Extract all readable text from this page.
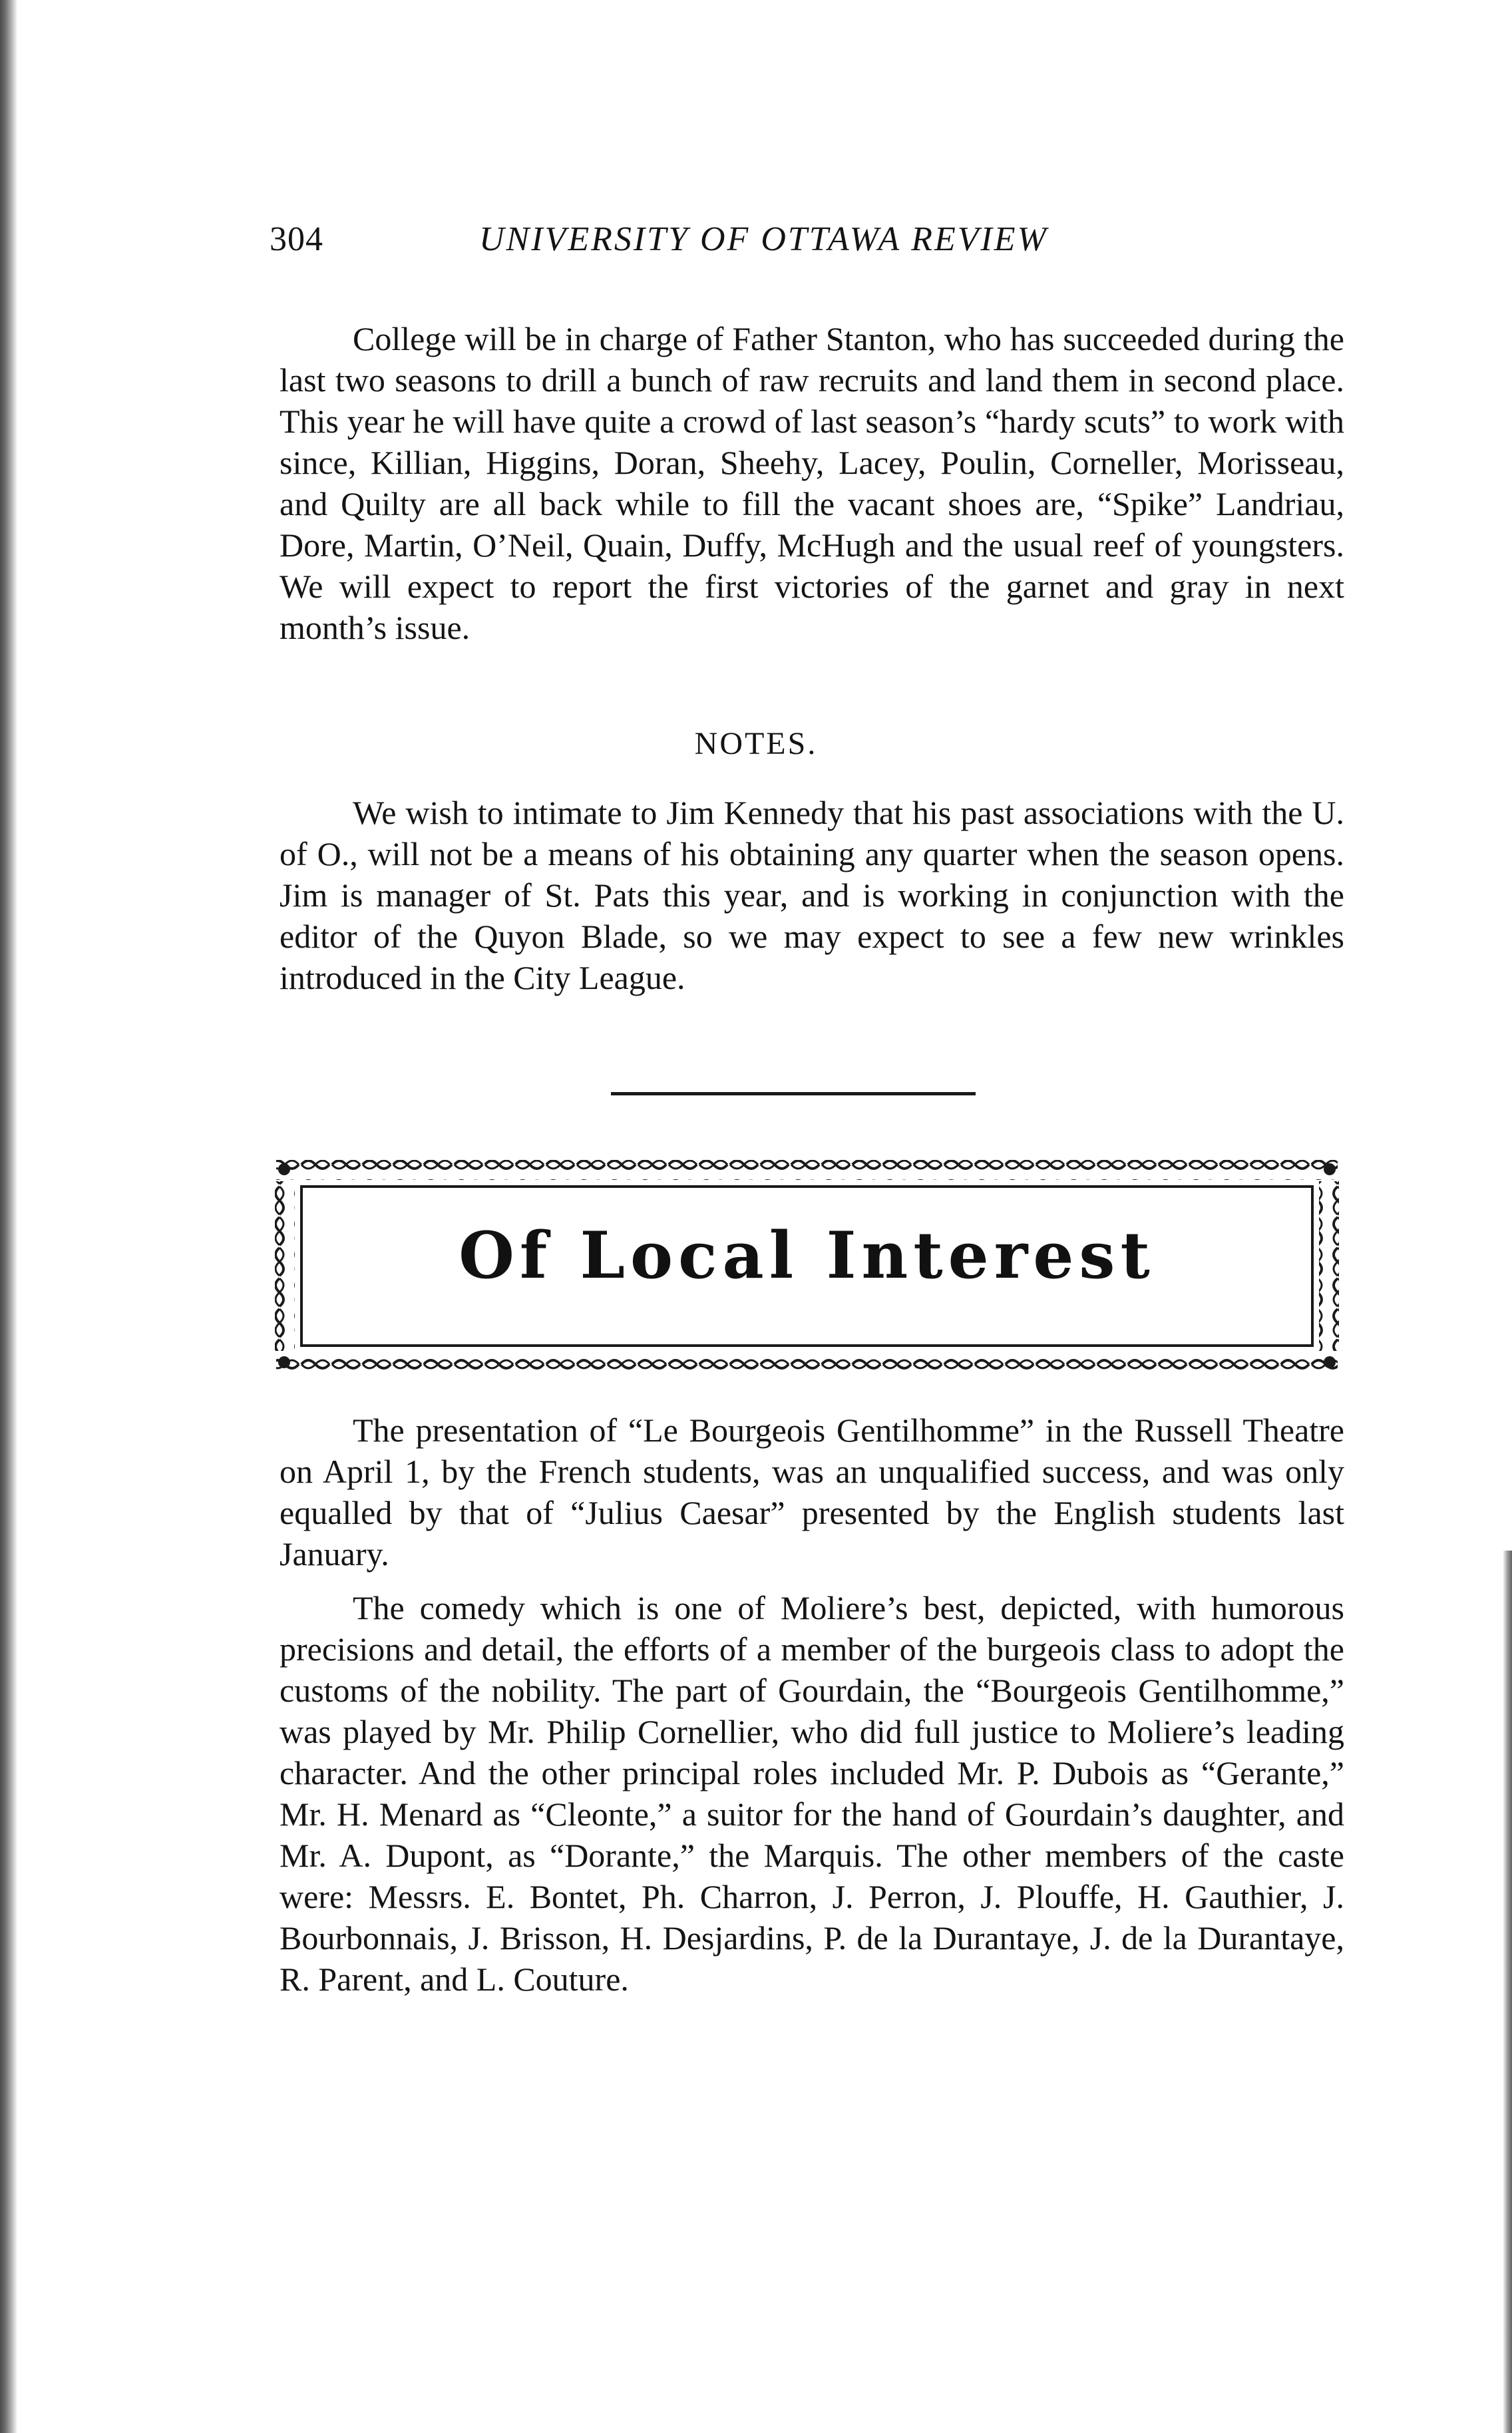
304	UNIVERSITY OF OTTAWA REVIEW

College will be in charge of Father Stanton, who has succeeded during the last two seasons to drill a bunch of raw recruits and land them in second place. This year he will have quite a crowd of last season’s “hardy scuts” to work with since, Killian, Higgins, Doran, Sheehy, Lacey, Poulin, Corneller, Morisseau, and Quilty are all back while to fill the vacant shoes are, “Spike” Landriau, Dore, Martin, O’Neil, Quain, Duffy, McHugh and the usual reef of youngsters. We will expect to report the first victories of the garnet and gray in next month’s issue.

NOTES.

We wish to intimate to Jim Kennedy that his past associations with the U. of O., will not be a means of his obtaining any quarter when the season opens. Jim is manager of St. Pats this year, and is working in conjunction with the editor of the Quyon Blade, so we may expect to see a few new wrinkles introduced in the City League.

Of Local Interest

The presentation of “Le Bourgeois Gentilhomme” in the Russell Theatre on April 1, by the French students, was an unqualified success, and was only equalled by that of “Julius Caesar” presented by the English students last January.

The comedy which is one of Moliere’s best, depicted, with humorous precisions and detail, the efforts of a member of the burgeois class to adopt the customs of the nobility. The part of Gourdain, the “Bourgeois Gentilhomme,” was played by Mr. Philip Cornellier, who did full justice to Moliere’s leading character. And the other principal roles included Mr. P. Dubois as “Gerante,” Mr. H. Menard as “Cleonte,” a suitor for the hand of Gourdain’s daughter, and Mr. A. Dupont, as “Dorante,” the Marquis. The other members of the caste were: Messrs. E. Bontet, Ph. Charron, J. Perron, J. Plouffe, H. Gauthier, J. Bourbonnais, J. Brisson, H. Desjardins, P. de la Durantaye, J. de la Durantaye, R. Parent, and L. Couture.
